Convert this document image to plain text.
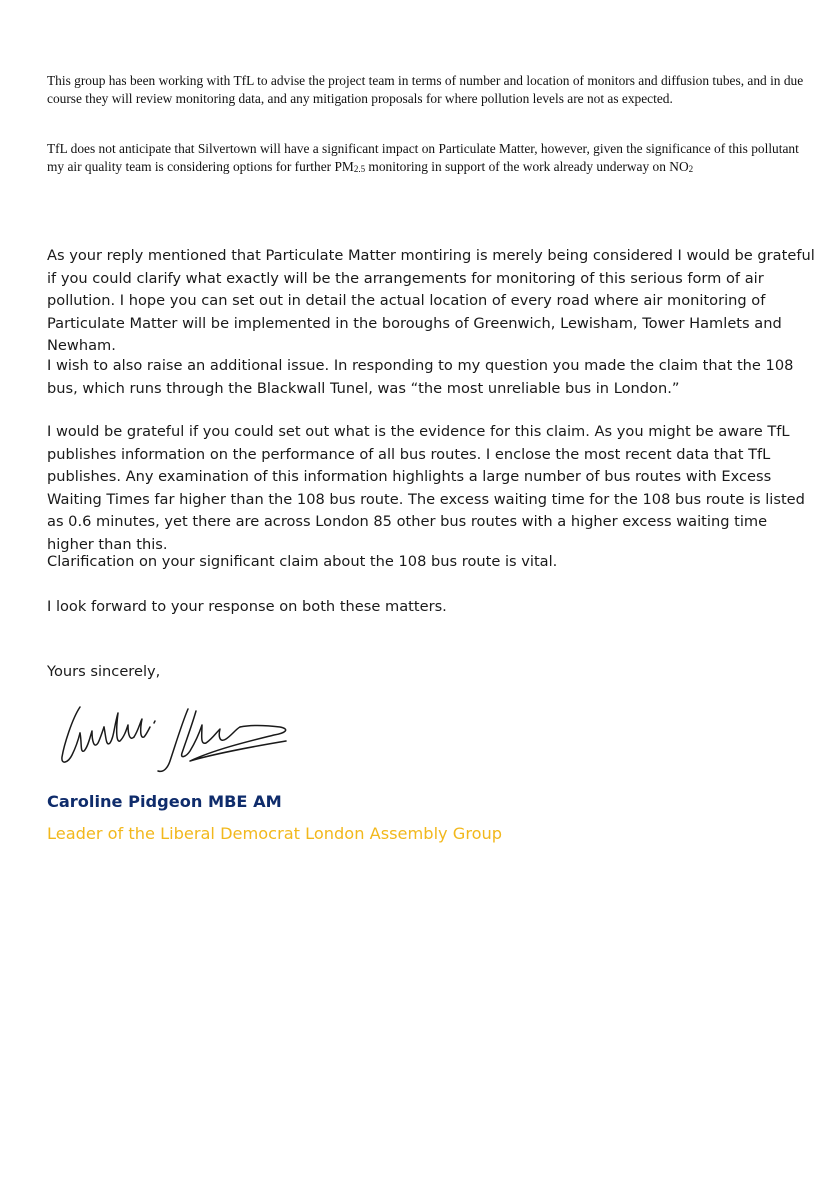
This group has been working with TfL to advise the project team in terms of number and location of monitors and diffusion tubes, and in due course they will review monitoring data, and any mitigation proposals for where pollution levels are not as expected.

TfL does not anticipate that Silvertown will have a significant impact on Particulate Matter, however, given the significance of this pollutant my air quality team is considering options for further $PM_{2.5}$ monitoring in support of the work already underway on $NO_2$

As your reply mentioned that Particulate Matter montiring is merely being considered I would be grateful if you could clarify what exactly will be the arrangements for monitoring of this serious form of air pollution. I hope you can set out in detail the actual location of every road where air monitoring of Particulate Matter will be implemented in the boroughs of Greenwich, Lewisham, Tower Hamlets and Newham.

I wish to also raise an additional issue. In responding to my question you made the claim that the 108 bus, which runs through the Blackwall Tunel, was “the most unreliable bus in London.”

I would be grateful if you could set out what is the evidence for this claim. As you might be aware TfL publishes information on the performance of all bus routes. I enclose the most recent data that TfL publishes. Any examination of this information highlights a large number of bus routes with Excess Waiting Times far higher than the 108 bus route. The excess waiting time for the 108 bus route is listed as 0.6 minutes, yet there are across London 85 other bus routes with a higher excess waiting time higher than this.

Clarification on your significant claim about the 108 bus route is vital.

I look forward to your response on both these matters.

Yours sincerely,

Caroline Pidgeon MBE AM

Leader of the Liberal Democrat London Assembly Group
